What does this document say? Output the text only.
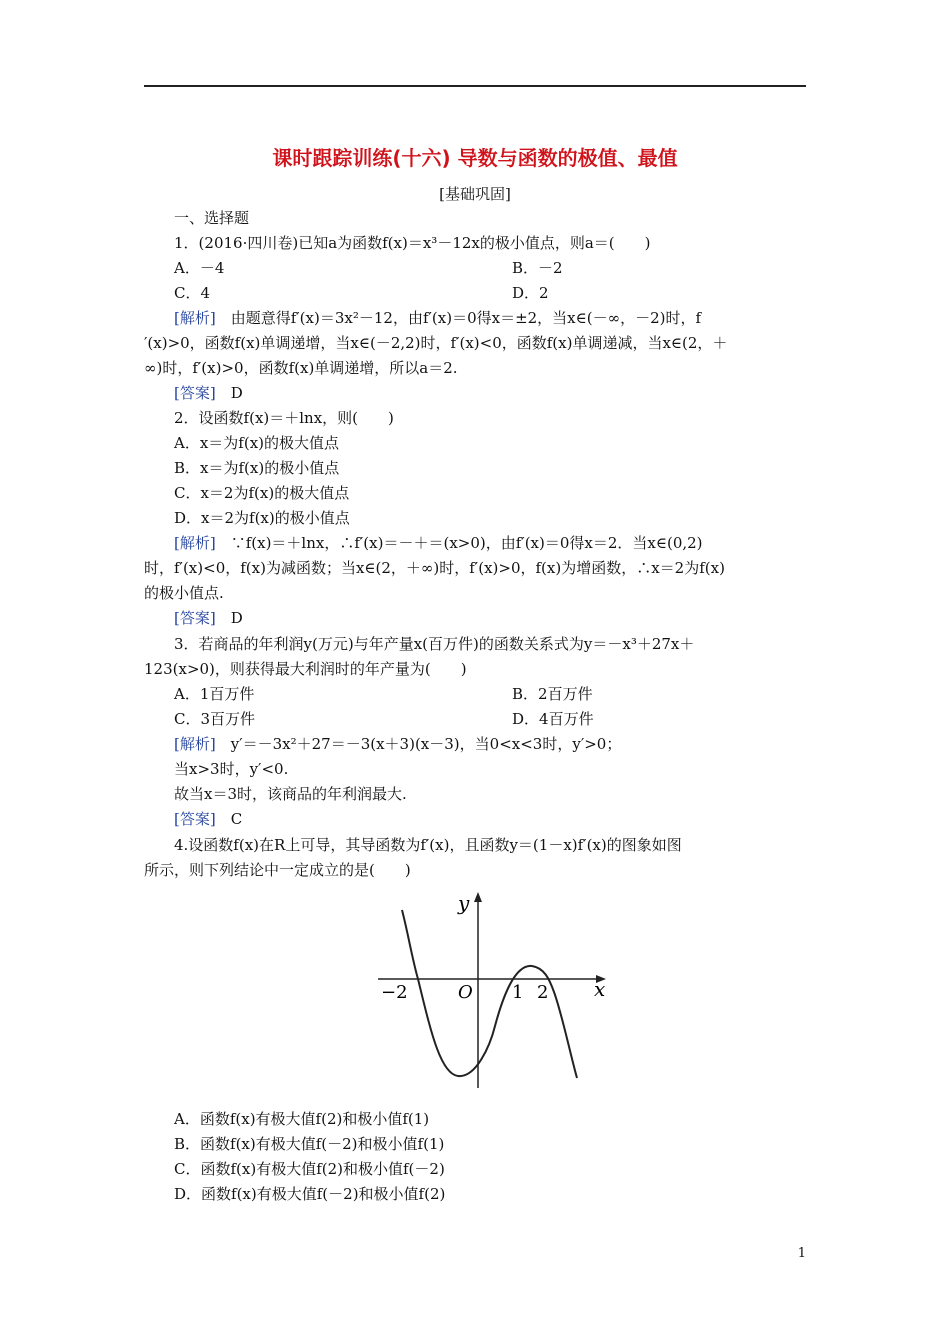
课时跟踪训练(十六) 导数与函数的极值、最值
[基础巩固]
一、选择题
1．(2016·四川卷)已知a为函数f(x)＝x³－12x的极小值点，则a＝(　　)
A．－4	B．－2
C．4	D．2
[解析]　由题意得f′(x)＝3x²－12，由f′(x)＝0得x＝±2，当x∈(－∞，－2)时，f
′(x)>0，函数f(x)单调递增，当x∈(－2,2)时，f′(x)<0，函数f(x)单调递减，当x∈(2，＋
∞)时，f′(x)>0，函数f(x)单调递增，所以a＝2.
[答案]　D
2．设函数f(x)＝＋lnx，则(　　)
A．x＝为f(x)的极大值点
B．x＝为f(x)的极小值点
C．x＝2为f(x)的极大值点
D．x＝2为f(x)的极小值点
[解析]　∵f(x)＝＋lnx，∴f′(x)＝－＋＝(x>0)，由f′(x)＝0得x＝2．当x∈(0,2)
时，f′(x)<0，f(x)为减函数；当x∈(2，＋∞)时，f′(x)>0，f(x)为增函数，∴x＝2为f(x)
的极小值点.
[答案]　D
3．若商品的年利润y(万元)与年产量x(百万件)的函数关系式为y＝－x³＋27x＋
123(x>0)，则获得最大利润时的年产量为(　　)
A．1百万件	B．2百万件
C．3百万件	D．4百万件
[解析]　y′＝－3x²＋27＝－3(x＋3)(x－3)，当0<x<3时，y′>0；
当x>3时，y′<0.
故当x＝3时，该商品的年利润最大.
[答案]　C
4.设函数f(x)在R上可导，其导函数为f′(x)，且函数y＝(1－x)f′(x)的图象如图
所示，则下列结论中一定成立的是(　　)
y
x
O
−2	1 2
A．函数f(x)有极大值f(2)和极小值f(1)
B．函数f(x)有极大值f(－2)和极小值f(1)
C．函数f(x)有极大值f(2)和极小值f(－2)
D．函数f(x)有极大值f(－2)和极小值f(2)
1
